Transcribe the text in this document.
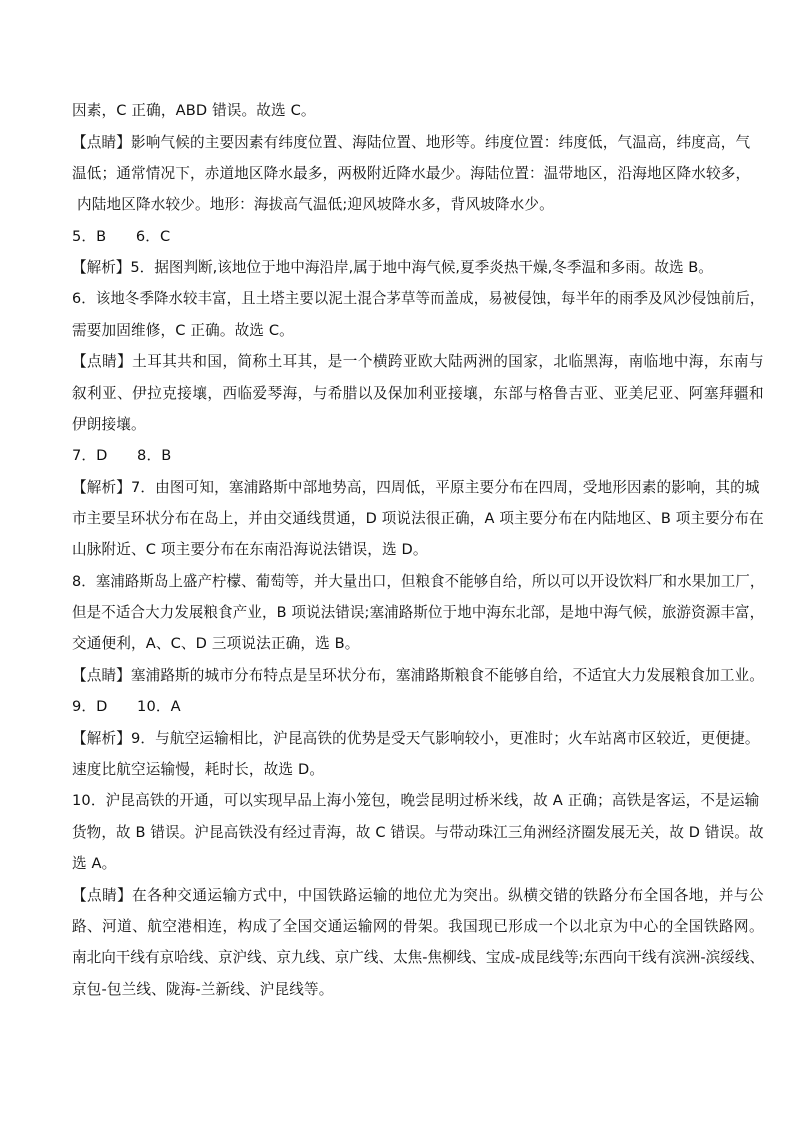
因素，C 正确，ABD 错误。故选 C。
【点睛】影响气候的主要因素有纬度位置、海陆位置、地形等。纬度位置：纬度低，气温高，纬度高，气
温低；通常情况下，赤道地区降水最多，两极附近降水最少。海陆位置：温带地区，沿海地区降水较多，
内陆地区降水较少。地形：海拔高气温低;迎风坡降水多，背风坡降水少。
5．B　　6．C
【解析】5．据图判断,该地位于地中海沿岸,属于地中海气候,夏季炎热干燥,冬季温和多雨。故选 B。
6．该地冬季降水较丰富，且土塔主要以泥土混合茅草等而盖成，易被侵蚀，每半年的雨季及风沙侵蚀前后，
需要加固维修，C 正确。故选 C。
【点睛】土耳其共和国，简称土耳其，是一个横跨亚欧大陆两洲的国家，北临黑海，南临地中海，东南与
叙利亚、伊拉克接壤，西临爱琴海，与希腊以及保加利亚接壤，东部与格鲁吉亚、亚美尼亚、阿塞拜疆和
伊朗接壤。
7．D　　8．B
【解析】7．由图可知，塞浦路斯中部地势高，四周低，平原主要分布在四周，受地形因素的影响，其的城
市主要呈环状分布在岛上，并由交通线贯通，D 项说法很正确，A 项主要分布在内陆地区、B 项主要分布在
山脉附近、C 项主要分布在东南沿海说法错误，选 D。
8．塞浦路斯岛上盛产柠檬、葡萄等，并大量出口，但粮食不能够自给，所以可以开设饮料厂和水果加工厂，
但是不适合大力发展粮食产业，B 项说法错误;塞浦路斯位于地中海东北部，是地中海气候，旅游资源丰富，
交通便利，A、C、D 三项说法正确，选 B。
【点睛】塞浦路斯的城市分布特点是呈环状分布，塞浦路斯粮食不能够自给，不适宜大力发展粮食加工业。
9．D　　10．A
【解析】9．与航空运输相比，沪昆高铁的优势是受天气影响较小，更准时；火车站离市区较近，更便捷。
速度比航空运输慢，耗时长，故选 D。
10．沪昆高铁的开通，可以实现早品上海小笼包，晚尝昆明过桥米线，故 A 正确；高铁是客运，不是运输
货物，故 B 错误。沪昆高铁没有经过青海，故 C 错误。与带动珠江三角洲经济圈发展无关，故 D 错误。故
选 A。
【点睛】在各种交通运输方式中，中国铁路运输的地位尤为突出。纵横交错的铁路分布全国各地，并与公
路、河道、航空港相连，构成了全国交通运输网的骨架。我国现已形成一个以北京为中心的全国铁路网。
南北向干线有京哈线、京沪线、京九线、京广线、太焦-焦柳线、宝成-成昆线等;东西向干线有滨洲-滨绥线、
京包-包兰线、陇海-兰新线、沪昆线等。
